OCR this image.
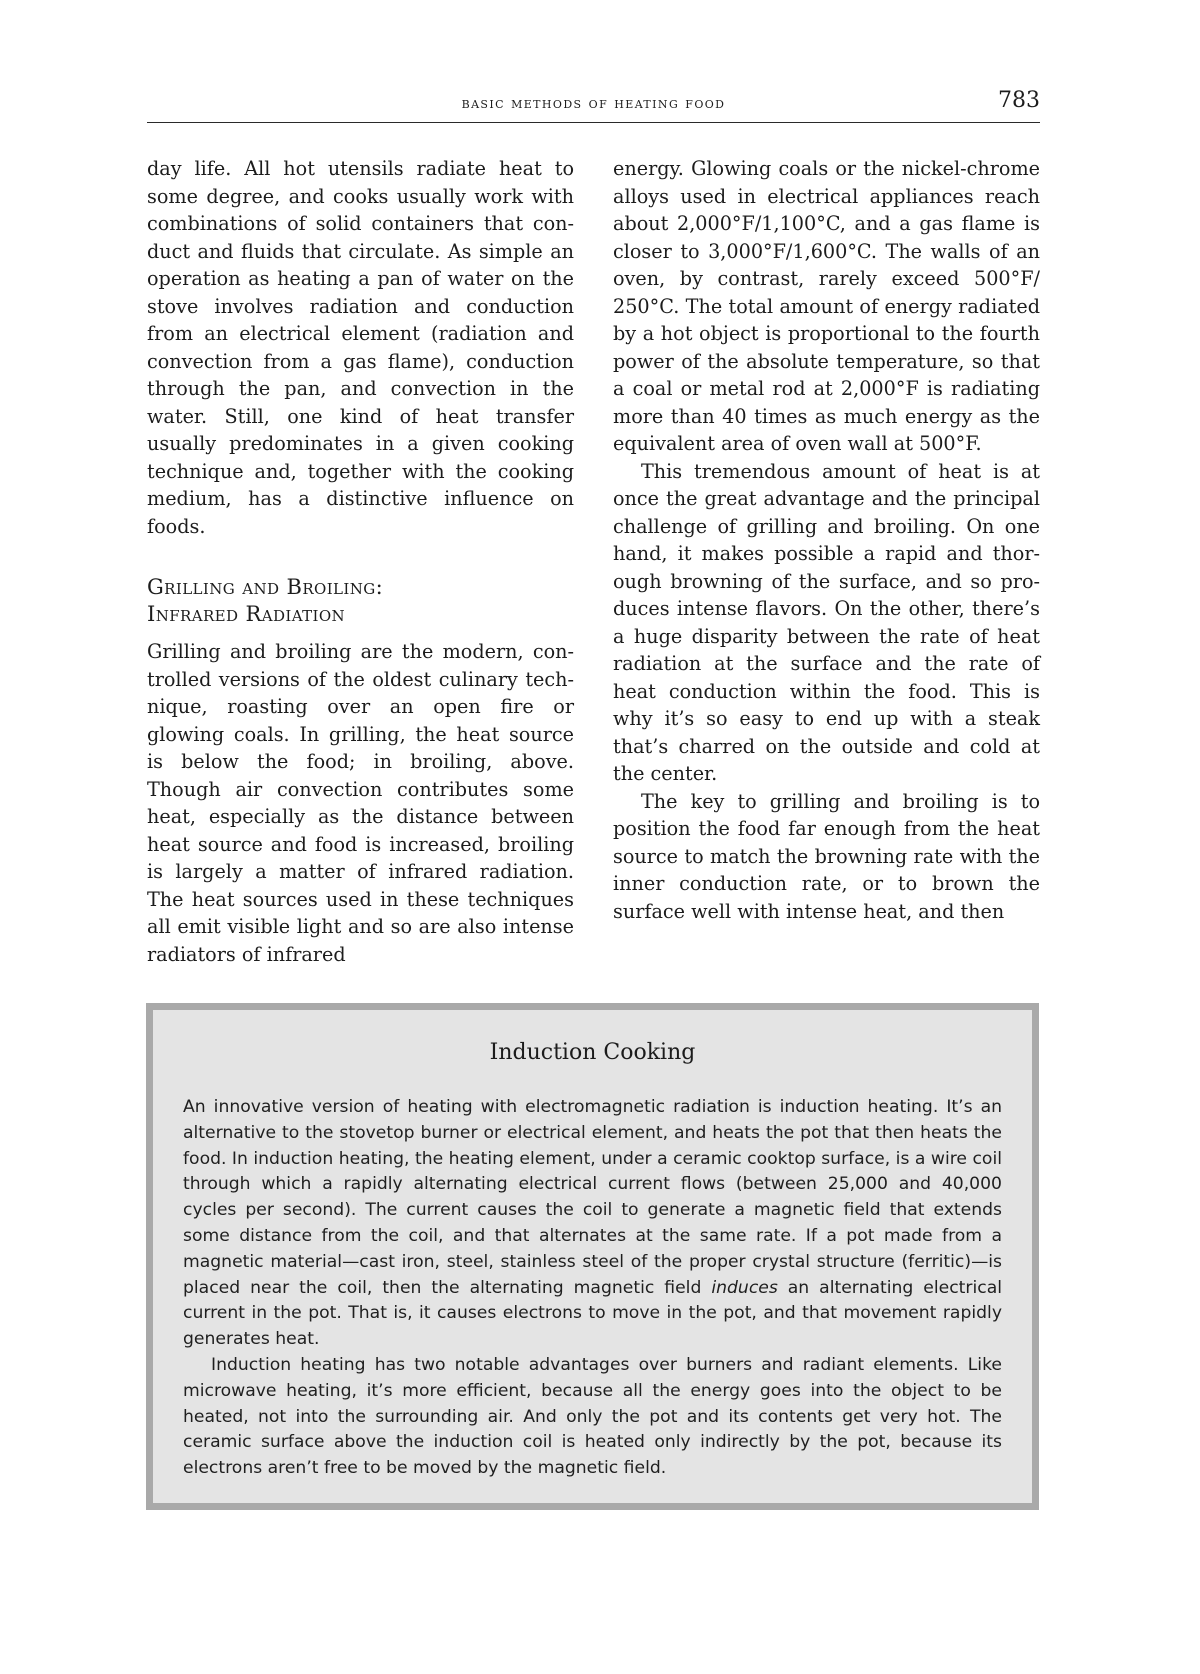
basic methods of heating food	783

day life. All hot utensils radiate heat to some degree, and cooks usually work with combinations of solid containers that conduct and fluids that circulate. As simple an operation as heating a pan of water on the stove involves radiation and conduction from an electrical element (radiation and convection from a gas flame), conduction through the pan, and convection in the water. Still, one kind of heat transfer usually predominates in a given cooking technique and, together with the cooking medium, has a distinctive influence on foods.

Grilling and Broiling:
Infrared Radiation

Grilling and broiling are the modern, controlled versions of the oldest culinary technique, roasting over an open fire or glowing coals. In grilling, the heat source is below the food; in broiling, above. Though air convection contributes some heat, especially as the distance between heat source and food is increased, broiling is largely a matter of infrared radiation. The heat sources used in these techniques all emit visible light and so are also intense radiators of infrared

energy. Glowing coals or the nickel-chrome alloys used in electrical appliances reach about 2,000°F/1,100°C, and a gas flame is closer to 3,000°F/1,600°C. The walls of an oven, by contrast, rarely exceed 500°F/ 250°C. The total amount of energy radiated by a hot object is proportional to the fourth power of the absolute temperature, so that a coal or metal rod at 2,000°F is radiating more than 40 times as much energy as the equivalent area of oven wall at 500°F.

This tremendous amount of heat is at once the great advantage and the principal challenge of grilling and broiling. On one hand, it makes possible a rapid and thorough browning of the surface, and so produces intense flavors. On the other, there’s a huge disparity between the rate of heat radiation at the surface and the rate of heat conduction within the food. This is why it’s so easy to end up with a steak that’s charred on the outside and cold at the center.

The key to grilling and broiling is to position the food far enough from the heat source to match the browning rate with the inner conduction rate, or to brown the surface well with intense heat, and then

Induction Cooking

An innovative version of heating with electromagnetic radiation is induction heating. It’s an alternative to the stovetop burner or electrical element, and heats the pot that then heats the food. In induction heating, the heating element, under a ceramic cooktop surface, is a wire coil through which a rapidly alternating electrical current flows (between 25,000 and 40,000 cycles per second). The current causes the coil to generate a magnetic field that extends some distance from the coil, and that alternates at the same rate. If a pot made from a magnetic material—cast iron, steel, stainless steel of the proper crystal structure (ferritic)—is placed near the coil, then the alternating magnetic field induces an alternating electrical current in the pot. That is, it causes electrons to move in the pot, and that movement rapidly generates heat.

Induction heating has two notable advantages over burners and radiant elements. Like microwave heating, it’s more efficient, because all the energy goes into the object to be heated, not into the surrounding air. And only the pot and its contents get very hot. The ceramic surface above the induction coil is heated only indirectly by the pot, because its electrons aren’t free to be moved by the magnetic field.
